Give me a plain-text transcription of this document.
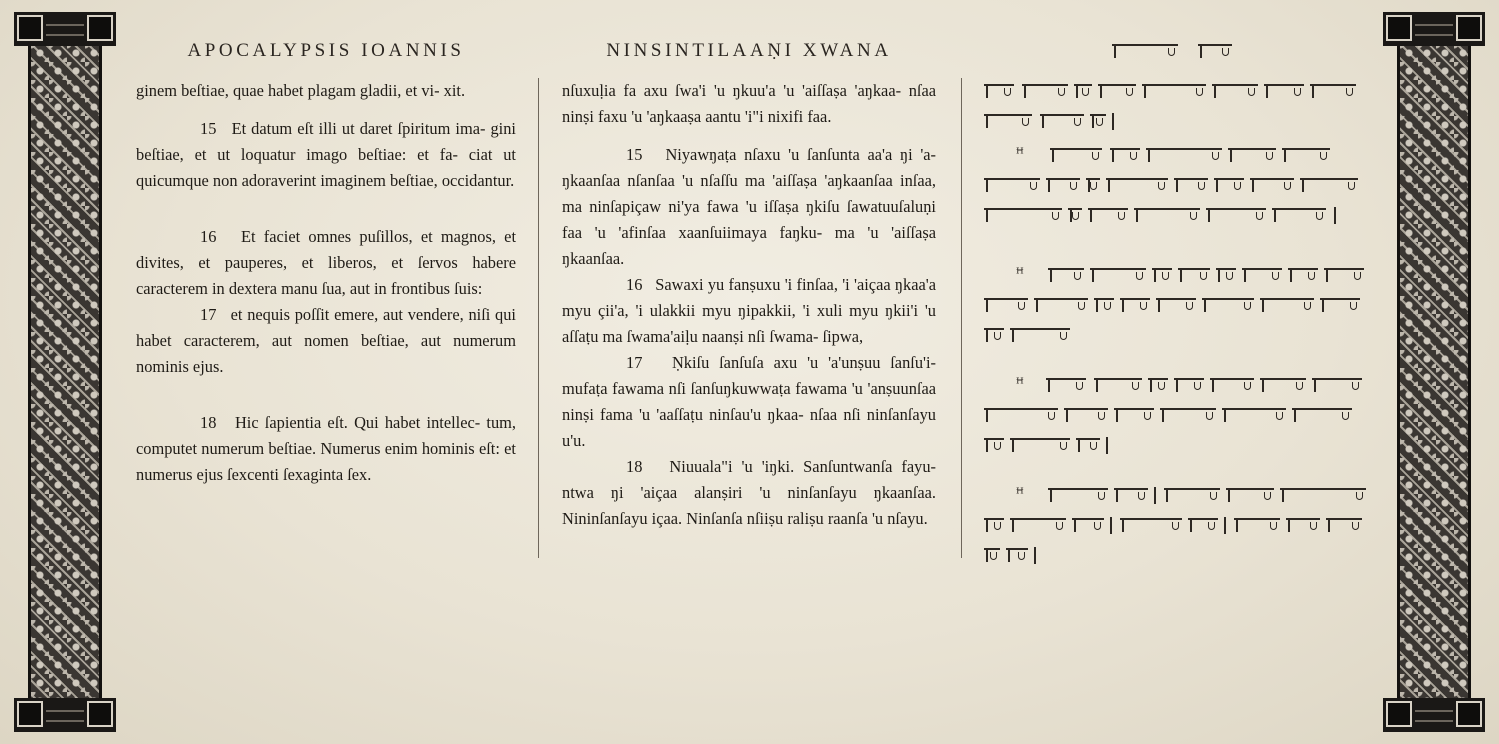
APOCALYPSIS IOANNIS

ginem beſtiae, quae habet plagam gladii, et vi- xit.

15 Et datum eſt illi ut daret ſpiritum ima- gini beſtiae, et ut loquatur imago beſtiae: et fa- ciat ut quicumque non adoraverint imaginem beſtiae, occidantur.

16 Et faciet omnes puſillos, et magnos, et divites, et pauperes, et liberos, et ſervos habere caracterem in dextera manu ſua, aut in frontibus ſuis:

17 et nequis poſſit emere, aut vendere, niſi qui habet caracterem, aut nomen beſtiae, aut numerum nominis ejus.

18 Hic ſapientia eſt. Qui habet intellec- tum, computet numerum beſtiae. Numerus enim hominis eſt: et numerus ejus ſexcenti ſexaginta ſex.

NINSINTILAAṆI XWANA

nſuxuḷia fa axu ſwa'i 'u ŋkuu'a 'u 'aiſſaṣa 'aŋkaa- nſaa ninṣi faxu 'u 'aŋkaaṣa aantu 'i"i nixifi faa.

15 Niyawŋaṭa nſaxu 'u ſanſunta aa'a ŋi 'a- ŋkaanſaa nſanſaa 'u nſaſſu ma 'aiſſaṣa 'aŋkaanſaa inſaa, ma ninſapiçaw ni'ya fawa 'u iſſaṣa ŋkiſu ſawatuuſaluṇi faa 'u 'afinſaa xaanſuiimaya faŋku- ma 'u 'aiſſaṣa ŋkaanſaa.

16 Sawaxi yu fanṣuxu 'i finſaa, 'i 'aiçaa ŋkaa'a myu çii'a, 'i ulakkii myu ŋipakkii, 'i xuli myu ŋkii'i 'u aſſaṭu ma ſwama'aiḷu naanṣi nſi ſwama- ſipwa,

17 Ṇkiſu ſanſuſa axu 'u 'a'unṣuu ſanſu'i- mufaṭa fawama nſi ſanſuŋkuwwaṭa fawama 'u 'anṣuunſaa ninṣi fama 'u 'aaſſaṭu ninſau'u ŋkaa- nſaa nſi ninſanſayu u'u.

18 Niuuala"i 'u 'iŋki. Sanſuntwanſa fayu- ntwa ŋi 'aiçaa alanṣiri 'u ninſanſayu ŋkaanſaa. Nininſanſayu içaa. Ninſanſa nſiiṣu raliṣu raanſa 'u nſayu.

ꟸ
ꟸ
ꟸ
ꟸ
